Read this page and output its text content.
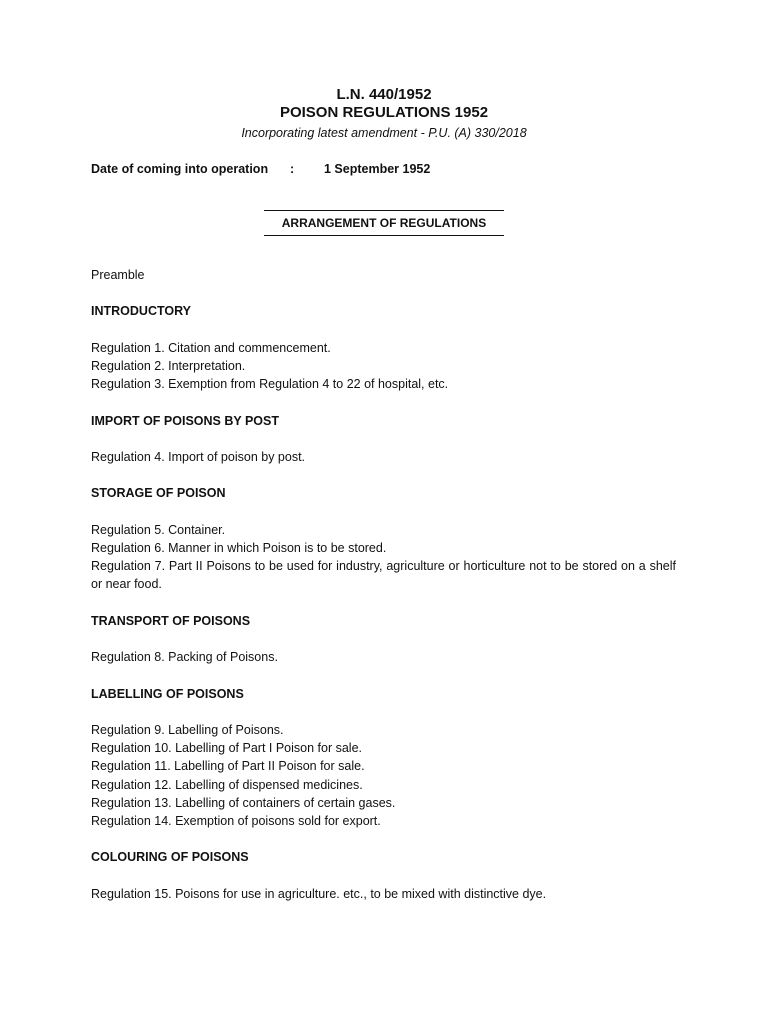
L.N. 440/1952
POISON REGULATIONS 1952
Incorporating latest amendment - P.U. (A) 330/2018
Date of coming into operation : 1 September 1952
ARRANGEMENT OF REGULATIONS

Preamble

INTRODUCTORY

Regulation 1. Citation and commencement.

Regulation 2. Interpretation.

Regulation 3. Exemption from Regulation 4 to 22 of hospital, etc.

IMPORT OF POISONS BY POST

Regulation 4. Import of poison by post.

STORAGE OF POISON

Regulation 5. Container.

Regulation 6. Manner in which Poison is to be stored.

Regulation 7. Part II Poisons to be used for industry, agriculture or horticulture not to be stored on a shelf or near food.

TRANSPORT OF POISONS

Regulation 8. Packing of Poisons.

LABELLING OF POISONS

Regulation 9. Labelling of Poisons.

Regulation 10. Labelling of Part I Poison for sale.

Regulation 11. Labelling of Part II Poison for sale.

Regulation 12. Labelling of dispensed medicines.

Regulation 13. Labelling of containers of certain gases.

Regulation 14. Exemption of poisons sold for export.

COLOURING OF POISONS

Regulation 15. Poisons for use in agriculture. etc., to be mixed with distinctive dye.
